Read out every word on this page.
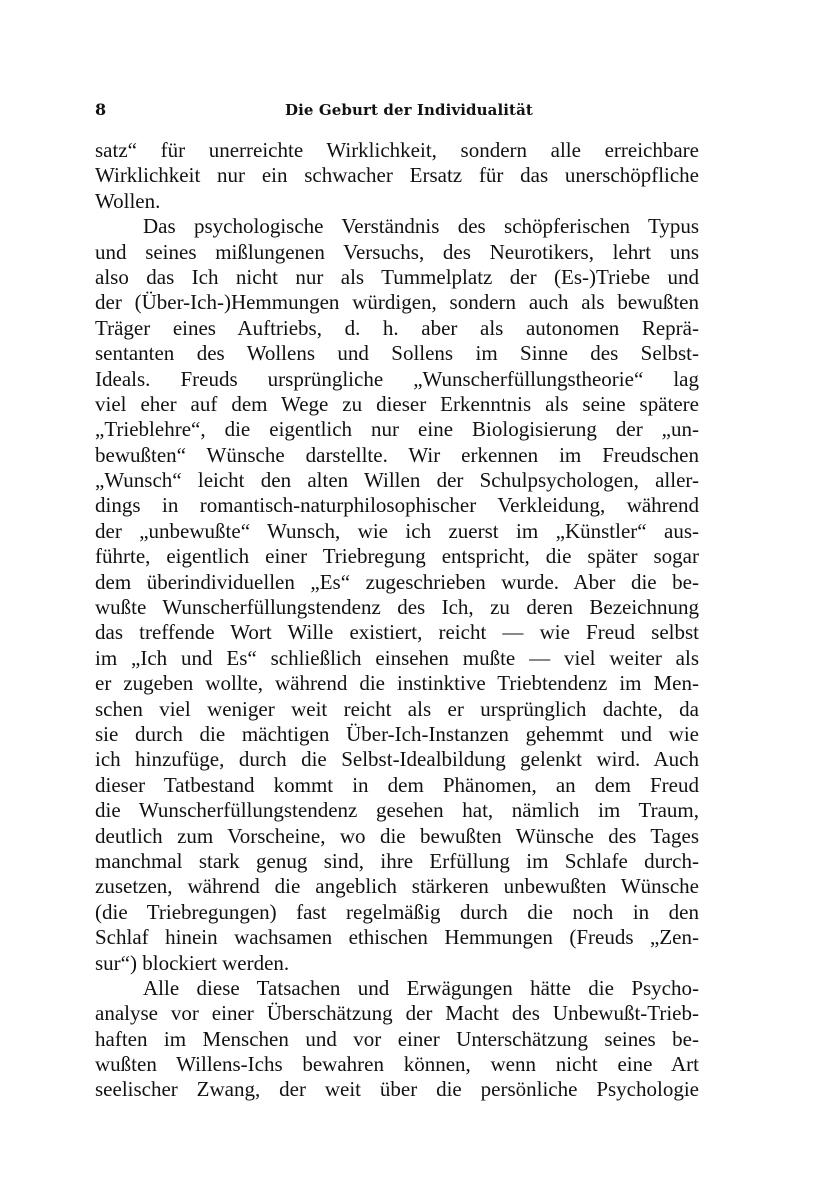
8	Die Geburt der Individualität
satz“ für unerreichte Wirklichkeit, sondern alle erreichbare
Wirklichkeit nur ein schwacher Ersatz für das unerschöpfliche
Wollen.
Das psychologische Verständnis des schöpferischen Typus
und seines mißlungenen Versuchs, des Neurotikers, lehrt uns
also das Ich nicht nur als Tummelplatz der (Es-)Triebe und
der (Über-Ich-)Hemmungen würdigen, sondern auch als bewußten
Träger eines Auftriebs, d. h. aber als autonomen Reprä-
sentanten des Wollens und Sollens im Sinne des Selbst-
Ideals. Freuds ursprüngliche „Wunscherfüllungstheorie“ lag
viel eher auf dem Wege zu dieser Erkenntnis als seine spätere
„Trieblehre“, die eigentlich nur eine Biologisierung der „un-
bewußten“ Wünsche darstellte. Wir erkennen im Freudschen
„Wunsch“ leicht den alten Willen der Schulpsychologen, aller-
dings in romantisch-naturphilosophischer Verkleidung, während
der „unbewußte“ Wunsch, wie ich zuerst im „Künstler“ aus-
führte, eigentlich einer Triebregung entspricht, die später sogar
dem überindividuellen „Es“ zugeschrieben wurde. Aber die be-
wußte Wunscherfüllungstendenz des Ich, zu deren Bezeichnung
das treffende Wort Wille existiert, reicht — wie Freud selbst
im „Ich und Es“ schließlich einsehen mußte — viel weiter als
er zugeben wollte, während die instinktive Triebtendenz im Men-
schen viel weniger weit reicht als er ursprünglich dachte, da
sie durch die mächtigen Über-Ich-Instanzen gehemmt und wie
ich hinzufüge, durch die Selbst-Idealbildung gelenkt wird. Auch
dieser Tatbestand kommt in dem Phänomen, an dem Freud
die Wunscherfüllungstendenz gesehen hat, nämlich im Traum,
deutlich zum Vorscheine, wo die bewußten Wünsche des Tages
manchmal stark genug sind, ihre Erfüllung im Schlafe durch-
zusetzen, während die angeblich stärkeren unbewußten Wünsche
(die Triebregungen) fast regelmäßig durch die noch in den
Schlaf hinein wachsamen ethischen Hemmungen (Freuds „Zen-
sur“) blockiert werden.
Alle diese Tatsachen und Erwägungen hätte die Psycho-
analyse vor einer Überschätzung der Macht des Unbewußt-Trieb-
haften im Menschen und vor einer Unterschätzung seines be-
wußten Willens-Ichs bewahren können, wenn nicht eine Art
seelischer Zwang, der weit über die persönliche Psychologie
